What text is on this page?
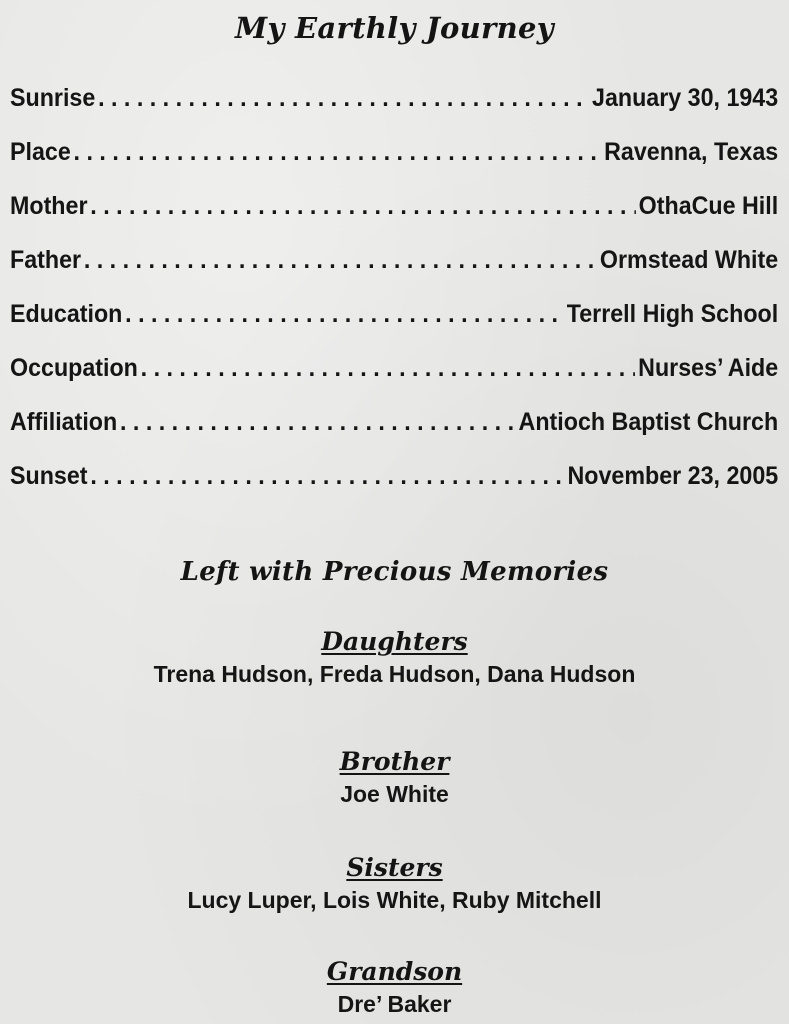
My Earthly Journey
Sunrise . . .	January 30, 1943
Place . . .	Ravenna, Texas
Mother . . .	OthaCue Hill
Father . . .	Ormstead White
Education . . .	Terrell High School
Occupation . . .	Nurses’ Aide
Affiliation . . .	Antioch Baptist Church
Sunset . . .	November 23, 2005
Left with Precious Memories
Daughters
Trena Hudson, Freda Hudson, Dana Hudson
Brother
Joe White
Sisters
Lucy Luper, Lois White, Ruby Mitchell
Grandson
Dre’ Baker
